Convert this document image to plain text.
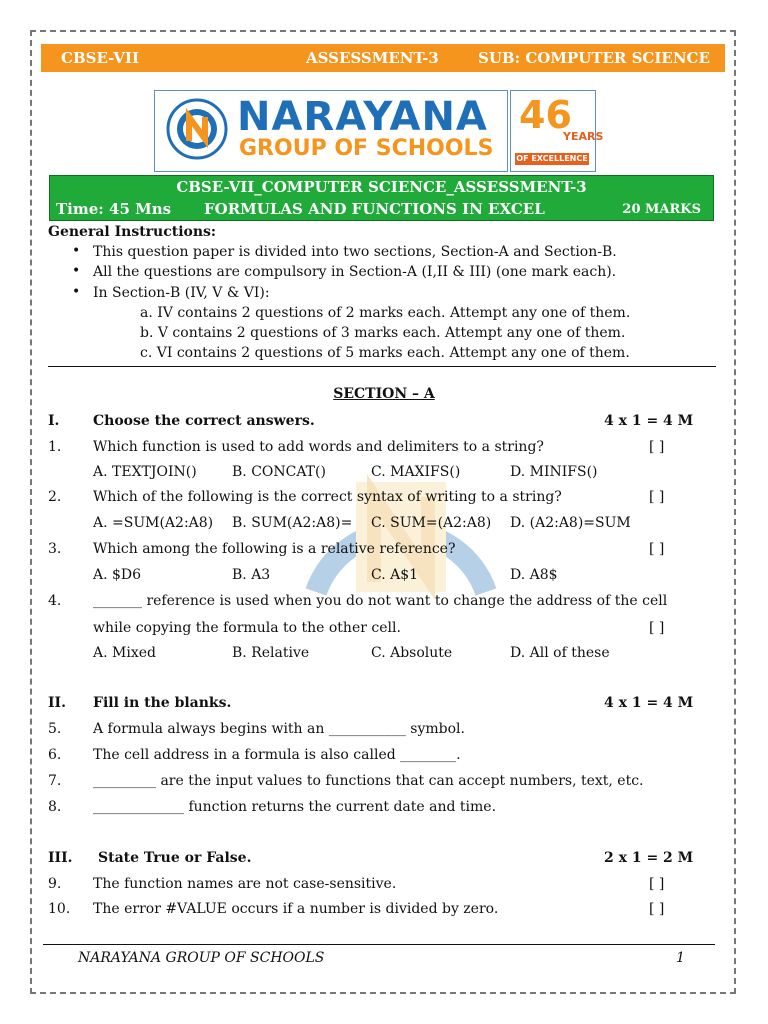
CBSE-VII	ASSESSMENT-3	SUB: COMPUTER SCIENCE
NARAYANA
GROUP OF SCHOOLS
46
YEARS
OF EXCELLENCE
CBSE-VII_COMPUTER SCIENCE_ASSESSMENT-3
Time: 45 Mns FORMULAS AND FUNCTIONS IN EXCEL	20 MARKS
General Instructions:
• This question paper is divided into two sections, Section-A and Section-B.
• All the questions are compulsory in Section-A (I,II & III) (one mark each).
• In Section-B (IV, V & VI):
a. IV contains 2 questions of 2 marks each. Attempt any one of them.
b. V contains 2 questions of 3 marks each. Attempt any one of them.
c. VI contains 2 questions of 5 marks each. Attempt any one of them.
SECTION – A
I. Choose the correct answers.	4 x 1 = 4 M
1. Which function is used to add words and delimiters to a string?	[ ]
A. TEXTJOIN()	B. CONCAT()	C. MAXIFS()	D. MINIFS()
2. Which of the following is the correct syntax of writing to a string?	[ ]
A. =SUM(A2:A8) B. SUM(A2:A8)= C. SUM=(A2:A8) D. (A2:A8)=SUM
3. Which among the following is a relative reference?	[ ]
A. $D6	B. A3	C. A$1	D. A8$
4. _______ reference is used when you do not want to change the address of the cell
while copying the formula to the other cell.	[ ]
A. Mixed	B. Relative	C. Absolute	D. All of these
II. Fill in the blanks.	4 x 1 = 4 M
5. A formula always begins with an ___________ symbol.
6. The cell address in a formula is also called ________.
7. _________ are the input values to functions that can accept numbers, text, etc.
8. _____________ function returns the current date and time.
III. State True or False.	2 x 1 = 2 M
9. The function names are not case-sensitive.	[ ]
10. The error #VALUE occurs if a number is divided by zero.	[ ]
NARAYANA GROUP OF SCHOOLS	1
